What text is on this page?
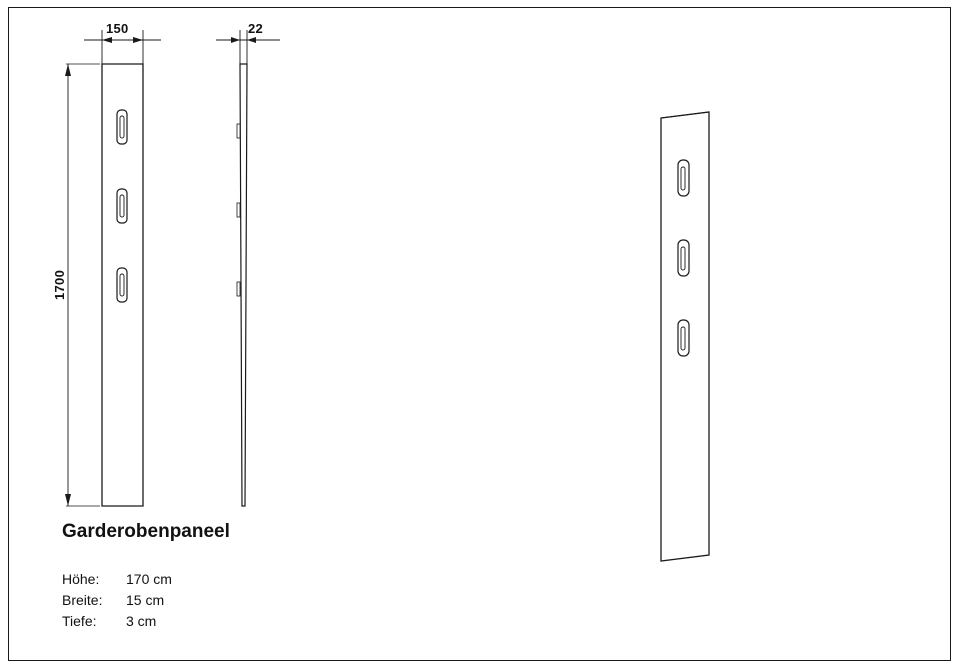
150	22
1700
Garderobenpaneel
Höhe: 170 cm
Breite: 15 cm
Tiefe: 3 cm
